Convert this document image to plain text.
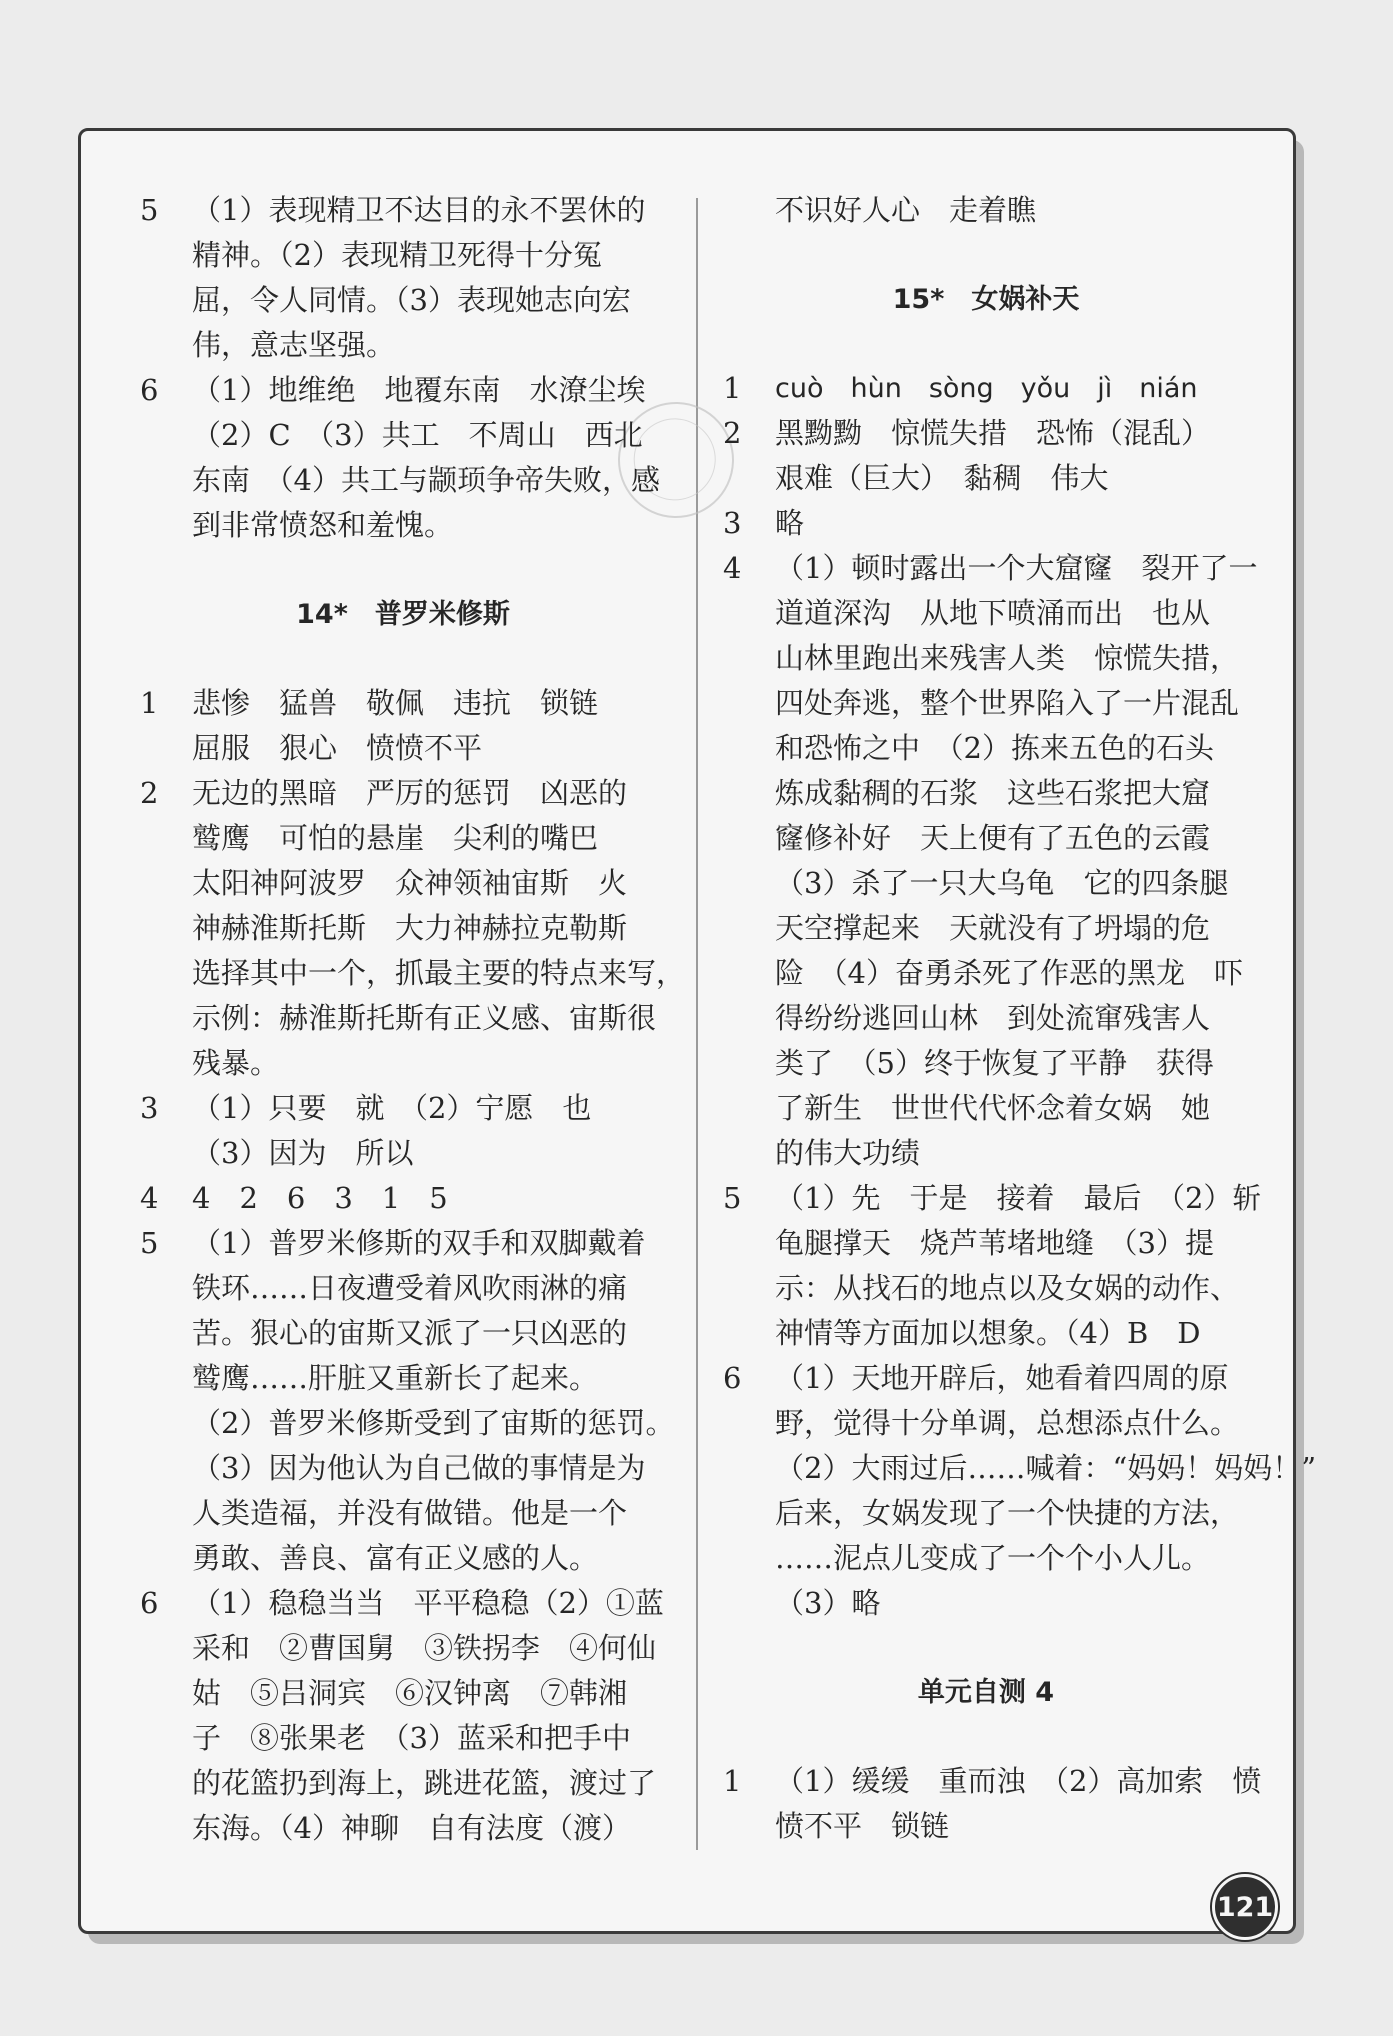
5 （1）表现精卫不达目的永不罢休的
精神。（2）表现精卫死得十分冤
屈，令人同情。（3）表现她志向宏
伟，意志坚强。
6 （1）地维绝　地覆东南　水潦尘埃
（2）C　（3）共工　不周山　西北
东南　（4）共工与颛顼争帝失败，感
到非常愤怒和羞愧。
14*　普罗米修斯
1 悲惨　猛兽　敬佩　违抗　锁链
屈服　狠心　愤愤不平
2 无边的黑暗　严厉的惩罚　凶恶的
鹫鹰　可怕的悬崖　尖利的嘴巴
太阳神阿波罗　众神领袖宙斯　火
神赫淮斯托斯　大力神赫拉克勒斯
选择其中一个，抓最主要的特点来写，
示例：赫淮斯托斯有正义感、宙斯很
残暴。
3 （1）只要　就　（2）宁愿　也
（3）因为　所以
4 4　2　6　3　1　5
5 （1）普罗米修斯的双手和双脚戴着
铁环……日夜遭受着风吹雨淋的痛
苦。狠心的宙斯又派了一只凶恶的
鹫鹰……肝脏又重新长了起来。
（2）普罗米修斯受到了宙斯的惩罚。
（3）因为他认为自己做的事情是为
人类造福，并没有做错。他是一个
勇敢、善良、富有正义感的人。
6 （1）稳稳当当　平平稳稳（2）①蓝
采和　②曹国舅　③铁拐李　④何仙
姑　⑤吕洞宾　⑥汉钟离　⑦韩湘
子　⑧张果老　（3）蓝采和把手中
的花篮扔到海上，跳进花篮，渡过了
东海。（4）神聊　自有法度（渡）
不识好人心　走着瞧
15*　女娲补天
1 cuò　hùn　sòng　yǒu　jì　nián
2 黑黝黝　惊慌失措　恐怖（混乱）
艰难（巨大）　黏稠　伟大
3 略
4 （1）顿时露出一个大窟窿　裂开了一
道道深沟　从地下喷涌而出　也从
山林里跑出来残害人类　惊慌失措，
四处奔逃，整个世界陷入了一片混乱
和恐怖之中　（2）拣来五色的石头
炼成黏稠的石浆　这些石浆把大窟
窿修补好　天上便有了五色的云霞
（3）杀了一只大乌龟　它的四条腿
天空撑起来　天就没有了坍塌的危
险　（4）奋勇杀死了作恶的黑龙　吓
得纷纷逃回山林　到处流窜残害人
类了　（5）终于恢复了平静　获得
了新生　世世代代怀念着女娲　她
的伟大功绩
5 （1）先　于是　接着　最后　（2）斩
龟腿撑天　烧芦苇堵地缝　（3）提
示：从找石的地点以及女娲的动作、
神情等方面加以想象。（4）B　D
6 （1）天地开辟后，她看着四周的原
野，觉得十分单调，总想添点什么。
（2）大雨过后……喊着：“妈妈！妈妈！”
后来，女娲发现了一个快捷的方法，
……泥点儿变成了一个个小人儿。
（3）略
单元自测 4
1 （1）缓缓　重而浊　（2）高加索　愤
愤不平　锁链
121
